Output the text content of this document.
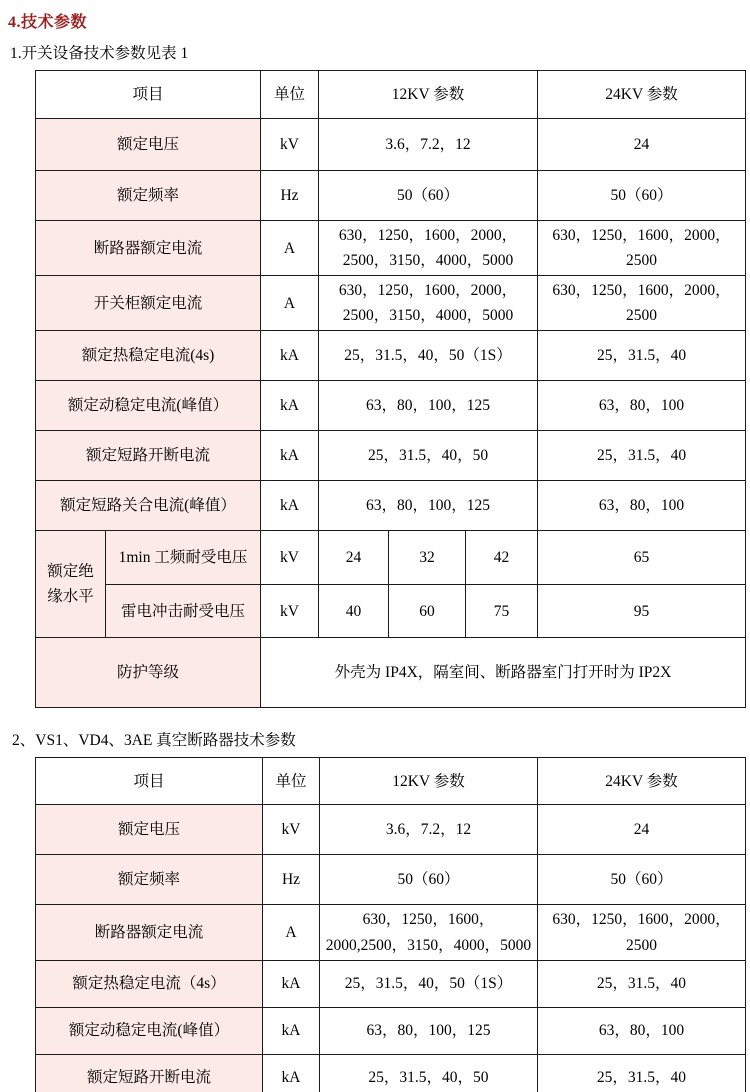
4.技术参数

1.开关设备技术参数见表 1

项目		单位	12KV 参数			24KV 参数
额定电压		kV	3.6，7.2，12			24
额定频率		Hz	50（60）			50（60）
断路器额定电流		A	630，1250，1600，2000，2500，3150，4000，5000			630，1250，1600，2000，2500
开关柜额定电流		A	630，1250，1600，2000，2500，3150，4000，5000			630，1250，1600，2000，2500
额定热稳定电流(4s)		kA	25，31.5，40，50（1S）			25，31.5，40
额定动稳定电流(峰值）		kA	63，80，100，125			63，80，100
额定短路开断电流		kA	25，31.5，40，50			25，31.5，40
额定短路关合电流(峰值）		kA	63，80，100，125			63，80，100
额定绝缘水平	1min 工频耐受电压	kV	24	32	42	65
	雷电冲击耐受电压	kV	40	60	75	95
防护等级		外壳为 IP4X，隔室间、断路器室门打开时为 IP2X				

2、VS1、VD4、3AE 真空断路器技术参数

项目	单位	12KV 参数	24KV 参数
额定电压	kV	3.6，7.2，12	24
额定频率	Hz	50（60）	50（60）
断路器额定电流	A	630，1250，1600，2000,2500，3150，4000，5000	630，1250，1600，2000，2500
额定热稳定电流（4s）	kA	25，31.5，40，50（1S）	25，31.5，40
额定动稳定电流(峰值）	kA	63，80，100，125	63，80，100
额定短路开断电流	kA	25，31.5，40，50	25，31.5，40
